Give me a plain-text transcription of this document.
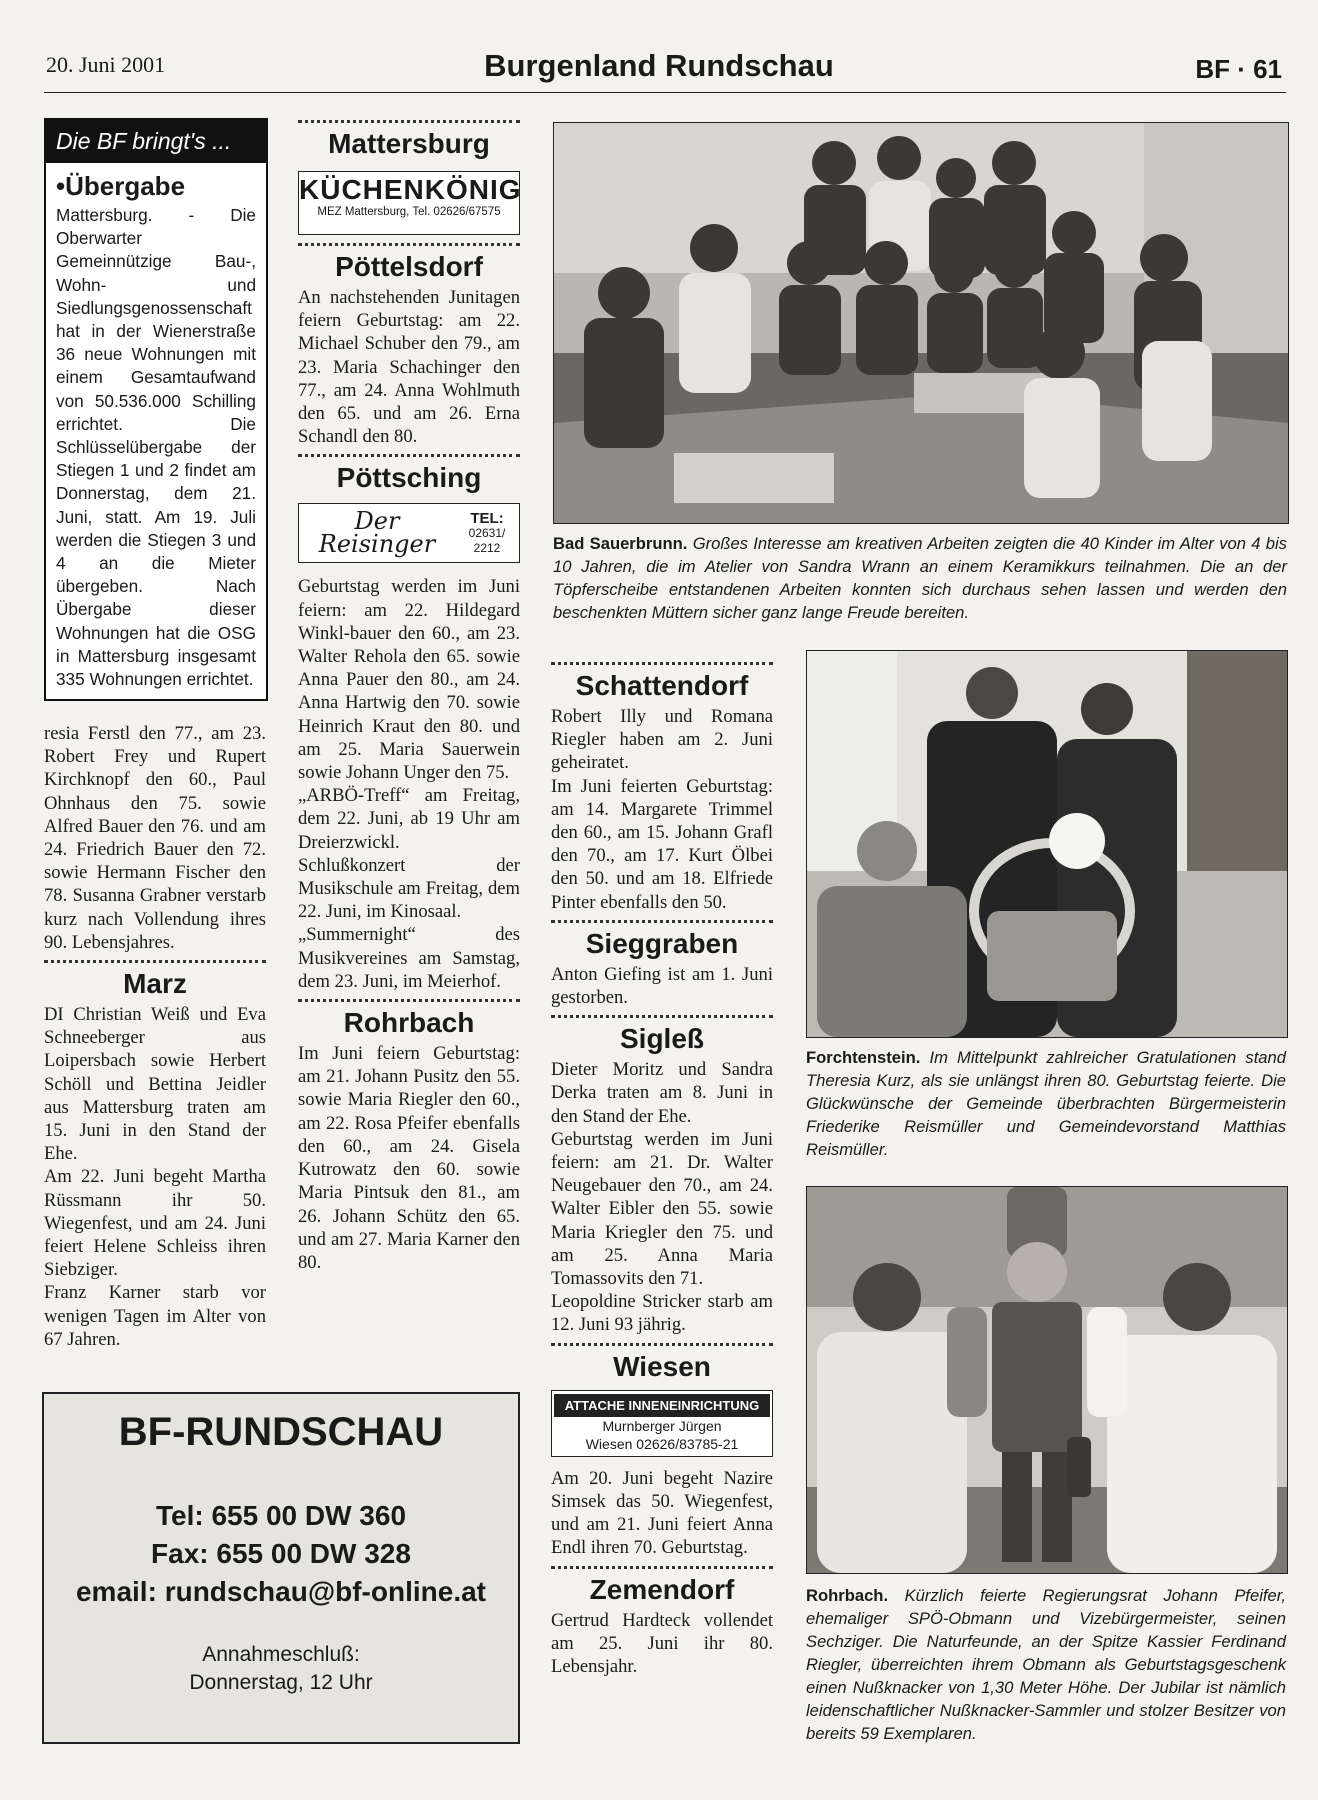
20. Juni 2001	Burgenland Rundschau	BF · 61
Die BF bringt's ...
•Übergabe
Mattersburg. - Die Oberwarter Gemeinnützige Bau-, Wohn- und Siedlungsgenossenschaft hat in der Wienerstraße 36 neue Wohnungen mit einem Gesamtaufwand von 50.536.000 Schilling errichtet. Die Schlüsselübergabe der Stiegen 1 und 2 findet am Donnerstag, dem 21. Juni, statt. Am 19. Juli werden die Stiegen 3 und 4 an die Mieter übergeben. Nach Übergabe dieser Wohnungen hat die OSG in Mattersburg insgesamt 335 Wohnungen errichtet.

resia Ferstl den 77., am 23. Robert Frey und Rupert Kirchknopf den 60., Paul Ohnhaus den 75. sowie Alfred Bauer den 76. und am 24. Friedrich Bauer den 72. sowie Hermann Fischer den 78. Susanna Grabner verstarb kurz nach Vollendung ihres 90. Lebensjahres.

Marz

DI Christian Weiß und Eva Schneeberger aus Loipersbach sowie Herbert Schöll und Bettina Jeidler aus Mattersburg traten am 15. Juni in den Stand der Ehe.

Am 22. Juni begeht Martha Rüssmann ihr 50. Wiegenfest, und am 24. Juni feiert Helene Schleiss ihren Siebziger.

Franz Karner starb vor wenigen Tagen im Alter von 67 Jahren.

Mattersburg
KÜCHENKÖNIG
MEZ Mattersburg, Tel. 02626/67575
Pöttelsdorf

An nachstehenden Junitagen feiern Geburtstag: am 22. Michael Schuber den 79., am 23. Maria Schachinger den 77., am 24. Anna Wohlmuth den 65. und am 26. Erna Schandl den 80.

Pöttsching
Der Reisinger
TEL:
02631/ 2212

Geburtstag werden im Juni feiern: am 22. Hildegard Winkl-bauer den 60., am 23. Walter Rehola den 65. sowie Anna Pauer den 80., am 24. Anna Hartwig den 70. sowie Heinrich Kraut den 80. und am 25. Maria Sauerwein sowie Johann Unger den 75.

„ARBÖ-Treff“ am Freitag, dem 22. Juni, ab 19 Uhr am Dreierzwickl.

Schlußkonzert der Musikschule am Freitag, dem 22. Juni, im Kinosaal.

„Summernight“ des Musikvereines am Samstag, dem 23. Juni, im Meierhof.

Rohrbach

Im Juni feiern Geburtstag: am 21. Johann Pusitz den 55. sowie Maria Riegler den 60., am 22. Rosa Pfeifer ebenfalls den 60., am 24. Gisela Kutrowatz den 60. sowie Maria Pintsuk den 81., am 26. Johann Schütz den 65. und am 27. Maria Karner den 80.

Schattendorf

Robert Illy und Romana Riegler haben am 2. Juni geheiratet.

Im Juni feierten Geburtstag: am 14. Margarete Trimmel den 60., am 15. Johann Grafl den 70., am 17. Kurt Ölbei den 50. und am 18. Elfriede Pinter ebenfalls den 50.

Sieggraben

Anton Giefing ist am 1. Juni gestorben.

Sigleß

Dieter Moritz und Sandra Derka traten am 8. Juni in den Stand der Ehe.

Geburtstag werden im Juni feiern: am 21. Dr. Walter Neugebauer den 70., am 24. Walter Eibler den 55. sowie Maria Kriegler den 75. und am 25. Anna Maria Tomassovits den 71.

Leopoldine Stricker starb am 12. Juni 93 jährig.

Wiesen
ATTACHE INNENEINRICHTUNG
Murnberger Jürgen
Wiesen 02626/83785-21

Am 20. Juni begeht Nazire Simsek das 50. Wiegenfest, und am 21. Juni feiert Anna Endl ihren 70. Geburtstag.

Zemendorf

Gertrud Hardteck vollendet am 25. Juni ihr 80. Lebensjahr.

Bad Sauerbrunn. Großes Interesse am kreativen Arbeiten zeigten die 40 Kinder im Alter von 4 bis 10 Jahren, die im Atelier von Sandra Wrann an einem Keramikkurs teilnahmen. Die an der Töpferscheibe entstandenen Arbeiten konnten sich durchaus sehen lassen und werden den beschenkten Müttern sicher ganz lange Freude bereiten.
Forchtenstein. Im Mittelpunkt zahlreicher Gratulationen stand Theresia Kurz, als sie unlängst ihren 80. Geburtstag feierte. Die Glückwünsche der Gemeinde überbrachten Bürgermeisterin Friederike Reismüller und Gemeindevorstand Matthias Reismüller.
Rohrbach. Kürzlich feierte Regierungsrat Johann Pfeifer, ehemaliger SPÖ-Obmann und Vizebürgermeister, seinen Sechziger. Die Naturfeunde, an der Spitze Kassier Ferdinand Riegler, überreichten ihrem Obmann als Geburtstagsgeschenk einen Nußknacker von 1,30 Meter Höhe. Der Jubilar ist nämlich leidenschaftlicher Nußknacker-Sammler und stolzer Besitzer von bereits 59 Exemplaren.
BF-RUNDSCHAU
Tel: 655 00 DW 360
Fax: 655 00 DW 328
email: rundschau@bf-online.at
Annahmeschluß:
Donnerstag, 12 Uhr
